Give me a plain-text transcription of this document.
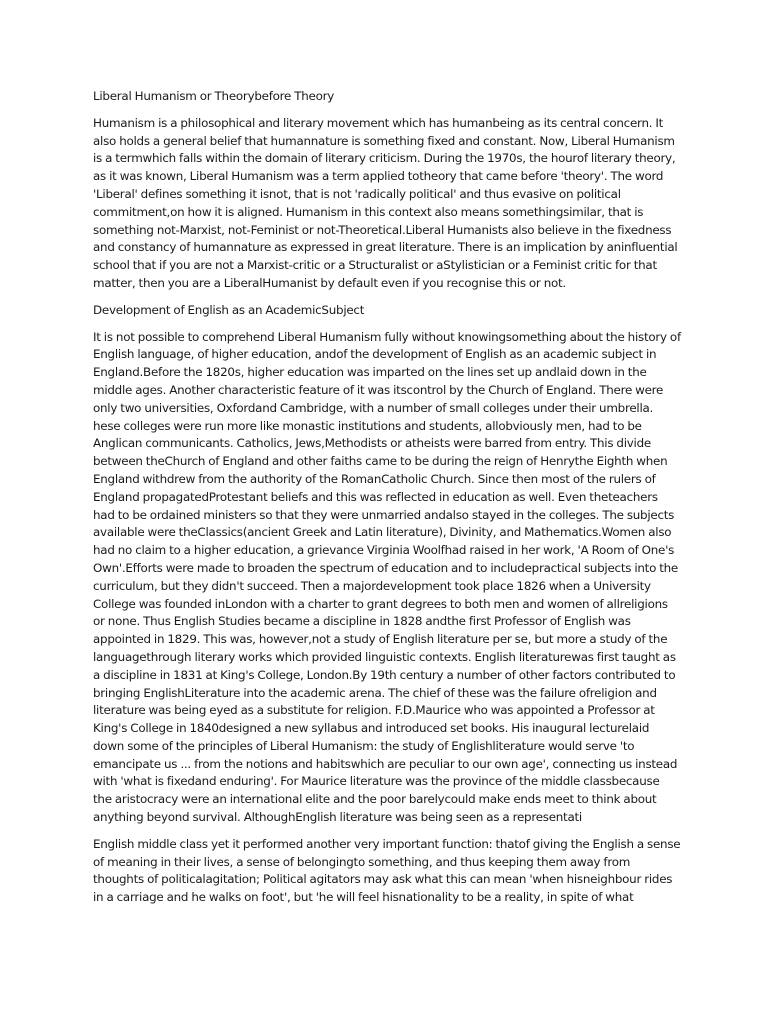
Liberal Humanism or Theorybefore Theory
Humanism is a philosophical and literary movement which has humanbeing as its central concern. It also holds a general belief that humannature is something fixed and constant. Now, Liberal Humanism is a termwhich falls within the domain of literary criticism. During the 1970s, the hourof literary theory, as it was known, Liberal Humanism was a term applied totheory that came before 'theory'. The word 'Liberal' defines something it isnot, that is not 'radically political' and thus evasive on political commitment,on how it is aligned. Humanism in this context also means somethingsimilar, that is something not-Marxist, not-Feminist or not-Theoretical.Liberal Humanists also believe in the fixedness and constancy of humannature as expressed in great literature. There is an implication by aninfluential school that if you are not a Marxist-critic or a Structuralist or aStylistician or a Feminist critic for that matter, then you are a LiberalHumanist by default even if you recognise this or not.
Development of English as an AcademicSubject
It is not possible to comprehend Liberal Humanism fully without knowingsomething about the history of English language, of higher education, andof the development of English as an academic subject in England.Before the 1820s, higher education was imparted on the lines set up andlaid down in the middle ages. Another characteristic feature of it was itscontrol by the Church of England. There were only two universities, Oxfordand Cambridge, with a number of small colleges under their umbrella. hese colleges were run more like monastic institutions and students, allobviously men, had to be Anglican communicants. Catholics, Jews,Methodists or atheists were barred from entry. This divide between theChurch of England and other faiths came to be during the reign of Henrythe Eighth when England withdrew from the authority of the RomanCatholic Church. Since then most of the rulers of England propagatedProtestant beliefs and this was reflected in education as well. Even theteachers had to be ordained ministers so that they were unmarried andalso stayed in the colleges. The subjects available were theClassics(ancient Greek and Latin literature), Divinity, and Mathematics.Women also had no claim to a higher education, a grievance Virginia Woolfhad raised in her work, 'A Room of One's Own'.Efforts were made to broaden the spectrum of education and to includepractical subjects into the curriculum, but they didn't succeed. Then a majordevelopment took place 1826 when a University College was founded inLondon with a charter to grant degrees to both men and women of allreligions or none. Thus English Studies became a discipline in 1828 andthe first Professor of English was appointed in 1829. This was, however,not a study of English literature per se, but more a study of the languagethrough literary works which provided linguistic contexts. English literaturewas first taught as a discipline in 1831 at King's College, London.By 19th century a number of other factors contributed to bringing EnglishLiterature into the academic arena. The chief of these was the failure ofreligion and literature was being eyed as a substitute for religion. F.D.Maurice who was appointed a Professor at King's College in 1840designed a new syllabus and introduced set books. His inaugural lecturelaid down some of the principles of Liberal Humanism: the study of Englishliterature would serve 'to emancipate us ... from the notions and habitswhich are peculiar to our own age', connecting us instead with 'what is fixedand enduring'. For Maurice literature was the province of the middle classbecause the aristocracy were an international elite and the poor barelycould make ends meet to think about anything beyond survival. AlthoughEnglish literature was being seen as a representati
English middle class yet it performed another very important function: thatof giving the English a sense of meaning in their lives, a sense of belongingto something, and thus keeping them away from thoughts of politicalagitation; Political agitators may ask what this can mean 'when hisneighbour rides in a carriage and he walks on foot', but 'he will feel hisnationality to be a reality, in spite of what
